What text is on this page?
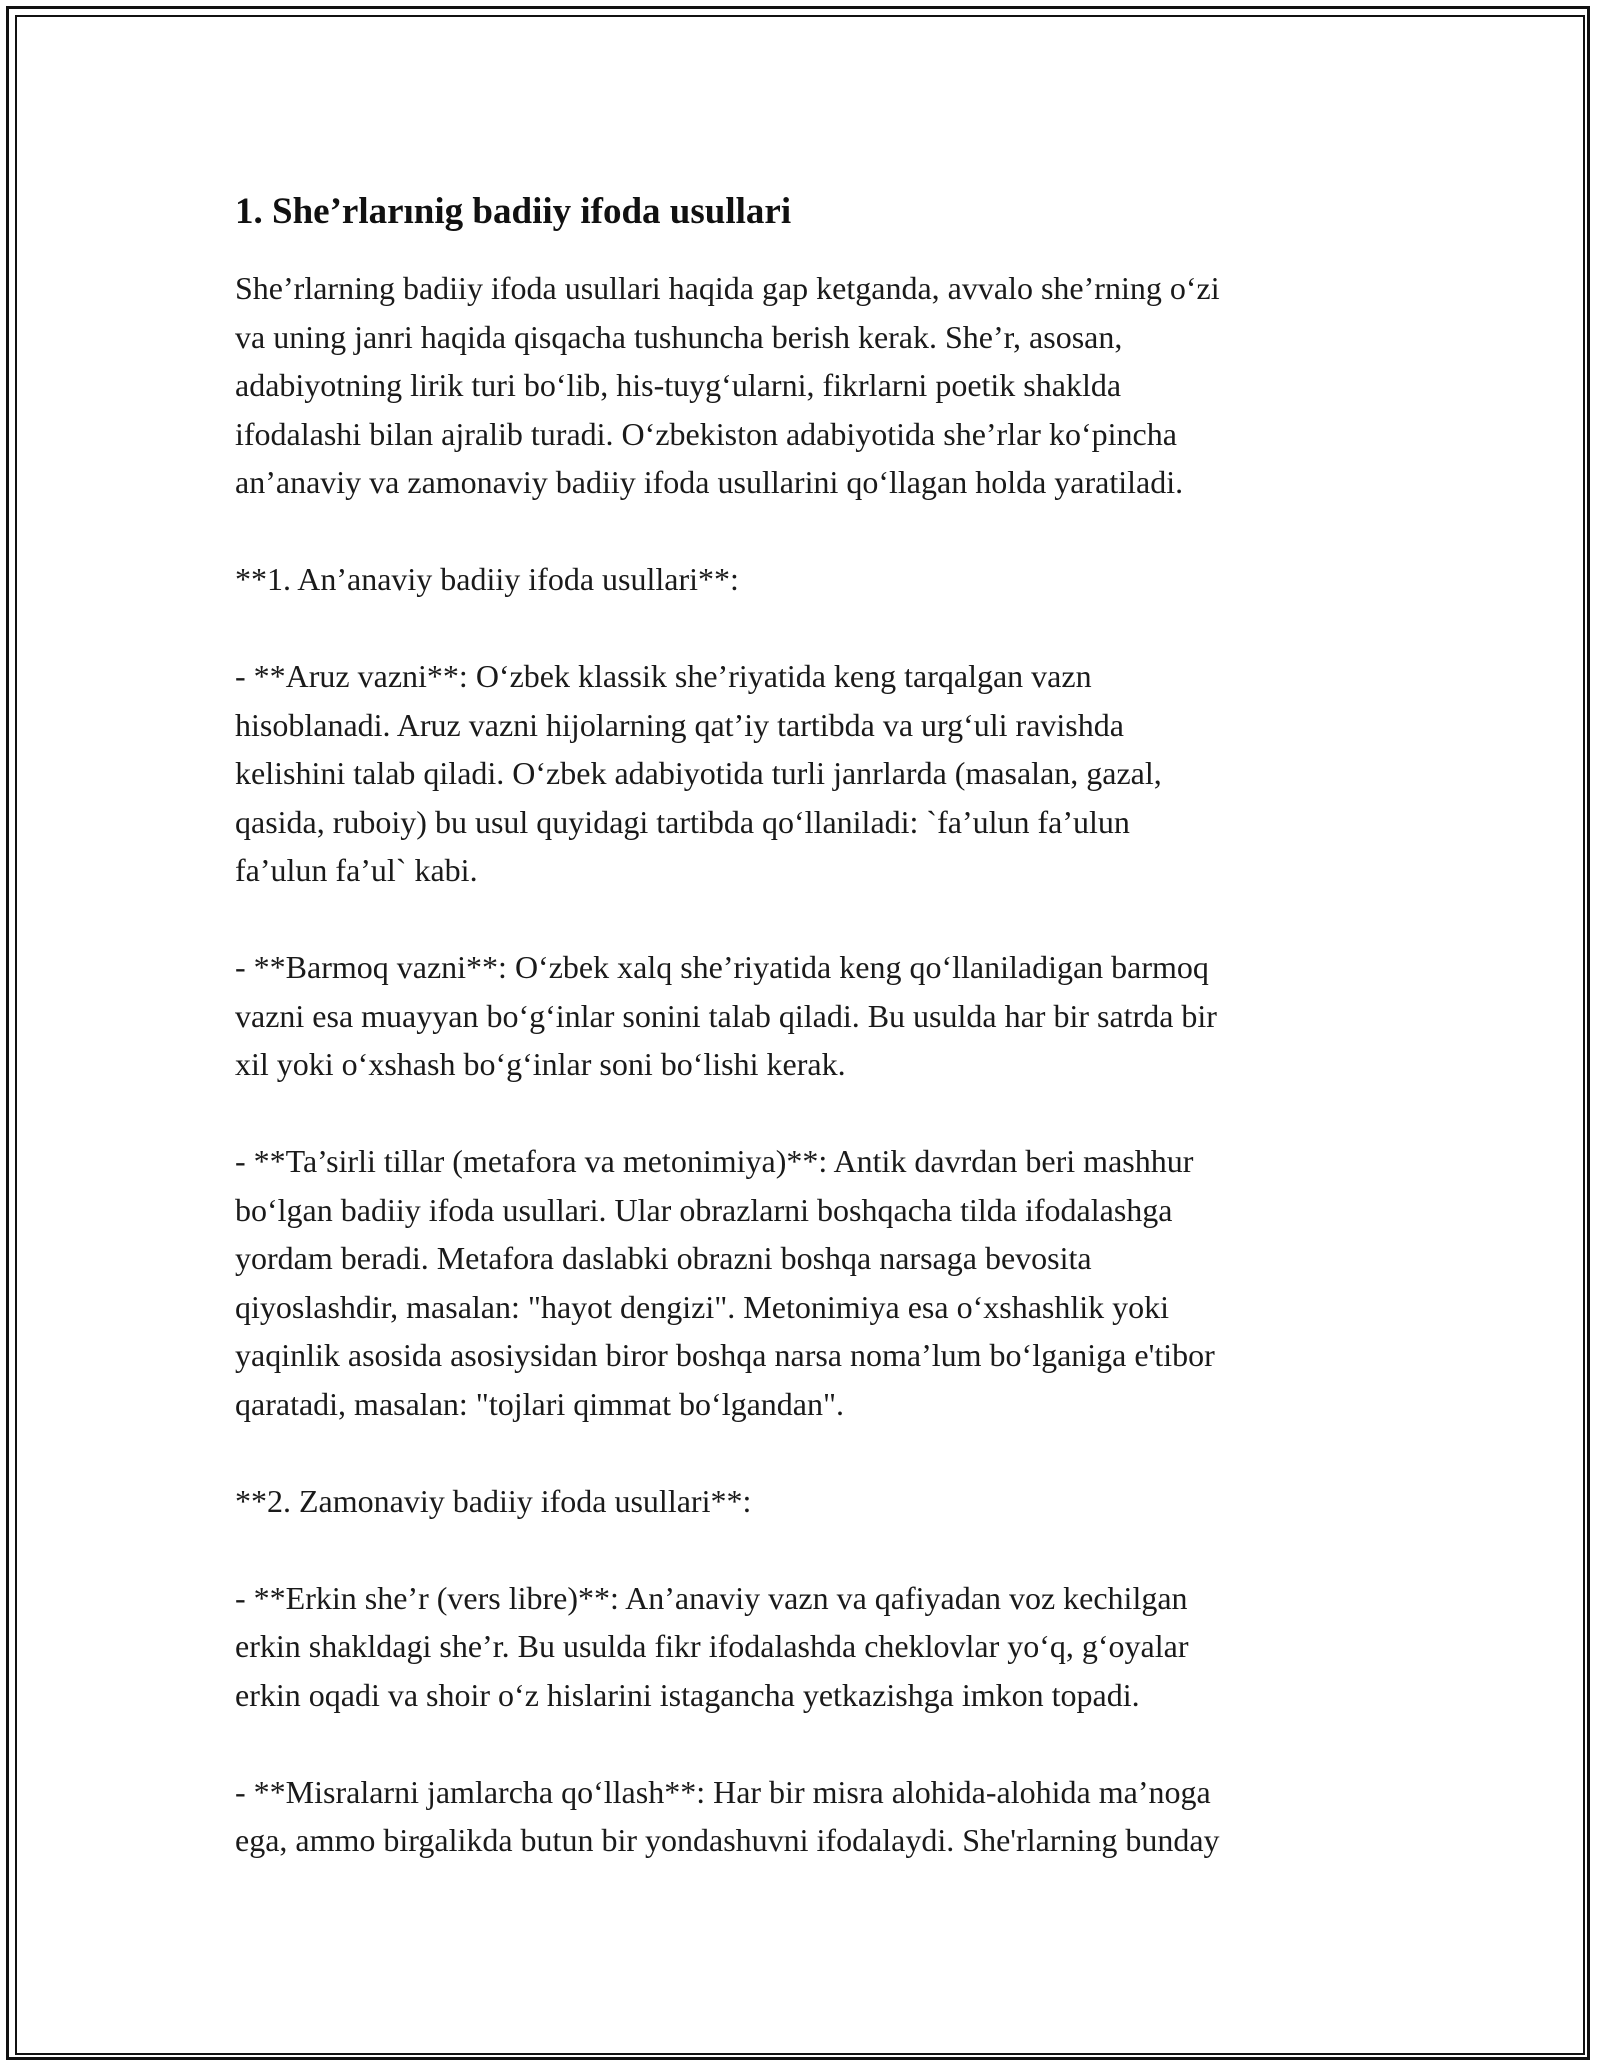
1. She’rlarınig badiiy ifoda usullari

She’rlarning badiiy ifoda usullari haqida gap ketganda, avvalo she’rning o‘zi
va uning janri haqida qisqacha tushuncha berish kerak. She’r, asosan,
adabiyotning lirik turi bo‘lib, his-tuyg‘ularni, fikrlarni poetik shaklda
ifodalashi bilan ajralib turadi. O‘zbekiston adabiyotida she’rlar ko‘pincha
an’anaviy va zamonaviy badiiy ifoda usullarini qo‘llagan holda yaratiladi.

**1. An’anaviy badiiy ifoda usullari**:

- **Aruz vazni**: O‘zbek klassik she’riyatida keng tarqalgan vazn
hisoblanadi. Aruz vazni hijolarning qat’iy tartibda va urg‘uli ravishda
kelishini talab qiladi. O‘zbek adabiyotida turli janrlarda (masalan, gazal,
qasida, ruboiy) bu usul quyidagi tartibda qo‘llaniladi: `fa’ulun fa’ulun
fa’ulun fa’ul` kabi.

- **Barmoq vazni**: O‘zbek xalq she’riyatida keng qo‘llaniladigan barmoq
vazni esa muayyan bo‘g‘inlar sonini talab qiladi. Bu usulda har bir satrda bir
xil yoki o‘xshash bo‘g‘inlar soni bo‘lishi kerak.

- **Ta’sirli tillar (metafora va metonimiya)**: Antik davrdan beri mashhur
bo‘lgan badiiy ifoda usullari. Ular obrazlarni boshqacha tilda ifodalashga
yordam beradi. Metafora daslabki obrazni boshqa narsaga bevosita
qiyoslashdir, masalan: "hayot dengizi". Metonimiya esa o‘xshashlik yoki
yaqinlik asosida asosiysidan biror boshqa narsa noma’lum bo‘lganiga e'tibor
qaratadi, masalan: "tojlari qimmat bo‘lgandan".

**2. Zamonaviy badiiy ifoda usullari**:

- **Erkin she’r (vers libre)**: An’anaviy vazn va qafiyadan voz kechilgan
erkin shakldagi she’r. Bu usulda fikr ifodalashda cheklovlar yo‘q, g‘oyalar
erkin oqadi va shoir o‘z hislarini istagancha yetkazishga imkon topadi.

- **Misralarni jamlarcha qo‘llash**: Har bir misra alohida-alohida ma’noga
ega, ammo birgalikda butun bir yondashuvni ifodalaydi. She'rlarning bunday
